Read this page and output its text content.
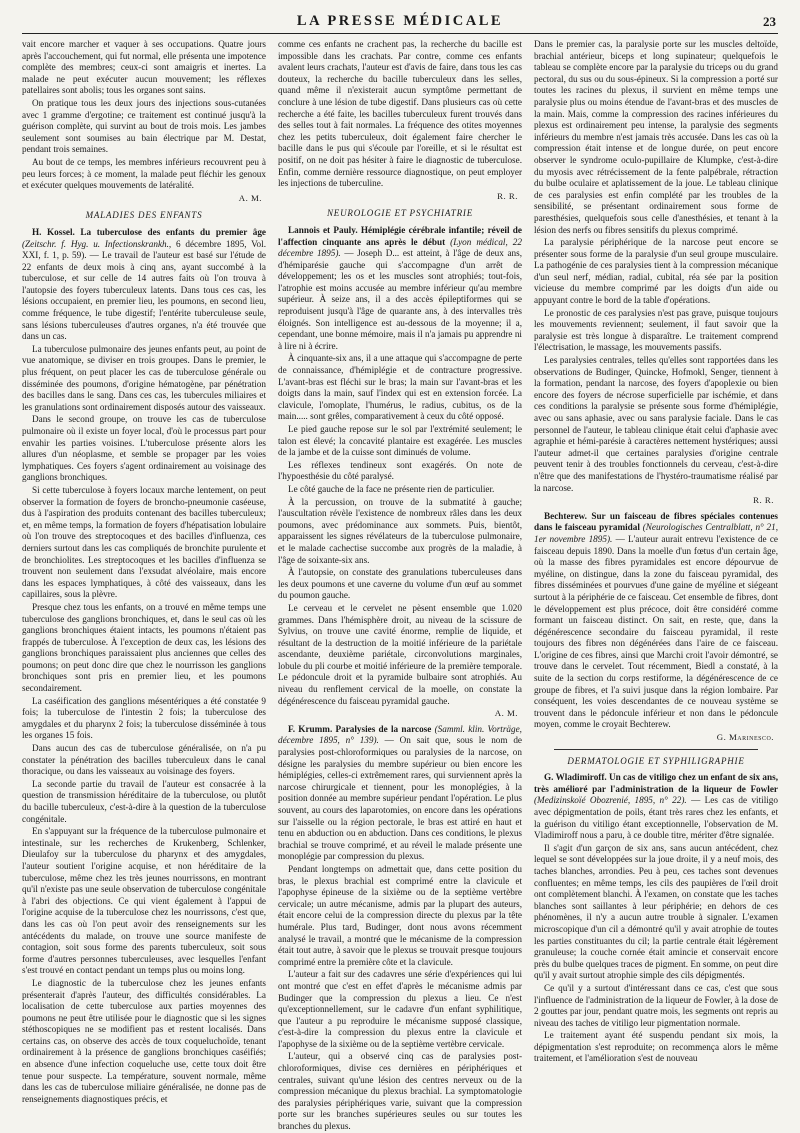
LA PRESSE MÉDICALE	23

vait encore marcher et vaquer à ses occupations. Quatre jours après l'accouchement, qui fut normal, elle présenta une impotence complète des membres; ceux-ci sont amaigris et inertes. La malade ne peut exécuter aucun mouvement; les réflexes patellaires sont abolis; tous les organes sont sains.

On pratique tous les deux jours des injections sous-cutanées avec 1 gramme d'ergotine; ce traitement est continué jusqu'à la guérison complète, qui survint au bout de trois mois. Les jambes seulement sont soumises au bain électrique par M. Destat, pendant trois semaines.

Au bout de ce temps, les membres inférieurs recouvrent peu à peu leurs forces; à ce moment, la malade peut fléchir les genoux et exécuter quelques mouvements de latéralité.

A. M.
MALADIES DES ENFANTS

H. Kossel. La tuberculose des enfants du premier âge (Zeitschr. f. Hyg. u. Infectionskrankh., 6 décembre 1895, Vol. XXI, f. 1, p. 59). — Le travail de l'auteur est basé sur l'étude de 22 enfants de deux mois à cinq ans, ayant succombé à la tuberculose, et sur celle de 14 autres faits où l'on trouva à l'autopsie des foyers tuberculeux latents. Dans tous ces cas, les lésions occupaient, en premier lieu, les poumons, en second lieu, comme fréquence, le tube digestif; l'entérite tuberculeuse seule, sans lésions tuberculeuses d'autres organes, n'a été trouvée que dans un cas.

La tuberculose pulmonaire des jeunes enfants peut, au point de vue anatomique, se diviser en trois groupes. Dans le premier, le plus fréquent, on peut placer les cas de tuberculose générale ou disséminée des poumons, d'origine hématogène, par pénétration des bacilles dans le sang. Dans ces cas, les tubercules miliaires et les granulations sont ordinairement disposés autour des vaisseaux.

Dans le second groupe, on trouve les cas de tuberculose pulmonaire où il existe un foyer local, d'où le processus part pour envahir les parties voisines. L'tuberculose présente alors les allures d'un néoplasme, et semble se propager par les voies lymphatiques. Ces foyers s'agent ordinairement au voisinage des ganglions bronchiques.

Si cette tuberculose à foyers locaux marche lentement, on peut observer la formation de foyers de broncho-pneumonie caséeuse, dus à l'aspiration des produits contenant des bacilles tuberculeux; et, en même temps, la formation de foyers d'hépatisation lobulaire où l'on trouve des streptocoques et des bacilles d'influenza, ces derniers surtout dans les cas compliqués de bronchite purulente et de bronchiolites. Les streptocoques et les bacilles d'influenza se trouvent non seulement dans l'exsudat alvéolaire, mais encore dans les espaces lymphatiques, à côté des vaisseaux, dans les capillaires, sous la plèvre.

Presque chez tous les enfants, on a trouvé en même temps une tuberculose des ganglions bronchiques, et, dans le seul cas où les ganglions bronchiques étaient intacts, les poumons n'étaient pas frappés de tuberculose. À l'exception de deux cas, les lésions des ganglions bronchiques paraissaient plus anciennes que celles des poumons; on peut donc dire que chez le nourrisson les ganglions bronchiques sont pris en premier lieu, et les poumons secondairement.

La caséification des ganglions mésentériques a été constatée 9 fois; la tuberculose de l'intestin 2 fois; la tuberculose des amygdales et du pharynx 2 fois; la tuberculose disséminée à tous les organes 15 fois.

Dans aucun des cas de tuberculose généralisée, on n'a pu constater la pénétration des bacilles tuberculeux dans le canal thoracique, ou dans les vaisseaux au voisinage des foyers.

La seconde partie du travail de l'auteur est consacrée à la question de transmission héréditaire de la tuberculose, ou plutôt du bacille tuberculeux, c'est-à-dire à la question de la tuberculose congénitale.

En s'appuyant sur la fréquence de la tuberculose pulmonaire et intestinale, sur les recherches de Krukenberg, Schlenker, Dieulafoy sur la tuberculose du pharynx et des amygdales, l'auteur soutient l'origine acquise, et non héréditaire de la tuberculose, même chez les très jeunes nourrissons, en montrant qu'il n'existe pas une seule observation de tuberculose congénitale à l'abri des objections. Ce qui vient également à l'appui de l'origine acquise de la tuberculose chez les nourrissons, c'est que, dans les cas où l'on peut avoir des renseignements sur les antécédents du malade, on trouve une source manifeste de contagion, soit sous forme des parents tuberculeux, soit sous forme d'autres personnes tuberculeuses, avec lesquelles l'enfant s'est trouvé en contact pendant un temps plus ou moins long.

Le diagnostic de la tuberculose chez les jeunes enfants présenterait d'après l'auteur, des difficultés considérables. La localisation de cette tuberculose aux parties moyennes des poumons ne peut être utilisée pour le diagnostic que si les signes stéthoscopiques ne se modifient pas et restent localisés. Dans certains cas, on observe des accès de toux coqueluchoïde, tenant ordinairement à la présence de ganglions bronchiques caséifiés; en absence d'une infection coqueluche use, cette toux doit être tenue pour suspecte. La température, souvent normale, même dans les cas de tuberculose miliaire généralisée, ne donne pas de renseignements diagnostiques précis, et

comme ces enfants ne crachent pas, la recherche du bacille est impossible dans les crachats. Par contre, comme ces enfants avalent leurs crachats, l'auteur est d'avis de faire, dans tous les cas douteux, la recherche du bacille tuberculeux dans les selles, quand même il n'existerait aucun symptôme permettant de conclure à une lésion de tube digestif. Dans plusieurs cas où cette recherche a été faite, les bacilles tuberculeux furent trouvés dans des selles tout à fait normales. La fréquence des otites moyennes chez les petits tuberculeux, doit également faire chercher le bacille dans le pus qui s'écoule par l'oreille, et si le résultat est positif, on ne doit pas hésiter à faire le diagnostic de tuberculose. Enfin, comme dernière ressource diagnostique, on peut employer les injections de tuberculine.

R. R.
NEUROLOGIE ET PSYCHIATRIE

Lannois et Pauly. Hémiplégie cérébrale infantile; réveil de l'affection cinquante ans après le début (Lyon médical, 22 décembre 1895). — Joseph D... est atteint, à l'âge de deux ans, d'hémiparésie gauche qui s'accompagne d'un arrêt de développement; les os et les muscles sont atrophiés; tout-fois, l'atrophie est moins accusée au membre inférieur qu'au membre supérieur. À seize ans, il a des accès épileptiformes qui se reproduisent jusqu'à l'âge de quarante ans, à des intervalles très éloignés. Son intelligence est au-dessous de la moyenne; il a, cependant, une bonne mémoire, mais il n'a jamais pu apprendre ni à lire ni à écrire.

À cinquante-six ans, il a une attaque qui s'accompagne de perte de connaissance, d'hémiplégie et de contracture progressive. L'avant-bras est fléchi sur le bras; la main sur l'avant-bras et les doigts dans la main, sauf l'index qui est en extension forcée. La clavicule, l'omoplate, l'humérus, le radius, cubitus, os de la main..... sont grêles, comparativement à ceux du côté opposé.

Le pied gauche repose sur le sol par l'extrémité seulement; le talon est élevé; la concavité plantaire est exagérée. Les muscles de la jambe et de la cuisse sont diminués de volume.

Les réflexes tendineux sont exagérés. On note de l'hypoesthésie du côté paralysé.

Le côté gauche de la face ne présente rien de particulier.

À la percussion, on trouve de la submatité à gauche; l'auscultation révèle l'existence de nombreux râles dans les deux poumons, avec prédominance aux sommets. Puis, bientôt, apparaissent les signes révélateurs de la tuberculose pulmonaire, et le malade cachectise succombe aux progrès de la maladie, à l'âge de soixante-six ans.

À l'autopsie, on constate des granulations tuberculeuses dans les deux poumons et une caverne du volume d'un œuf au sommet du poumon gauche.

Le cerveau et le cervelet ne pèsent ensemble que 1.020 grammes. Dans l'hémisphère droit, au niveau de la scissure de Sylvius, on trouve une cavité énorme, remplie de liquide, et résultant de la destruction de la moitié inférieure de la pariétale ascendante, deuxième pariétale, circonvolutions marginales, lobule du pli courbe et moitié inférieure de la première temporale. Le pédoncule droit et la pyramide bulbaire sont atrophiés. Au niveau du renflement cervical de la moelle, on constate la dégénérescence du faisceau pyramidal gauche.

A. M.

F. Krumm. Paralysies de la narcose (Samml. klin. Vorträge, décembre 1895, n° 139). — On sait que, sous le nom de paralysies post-chloroformiques ou paralysies de la narcose, on désigne les paralysies du membre supérieur ou bien encore les hémiplégies, celles-ci extrêmement rares, qui surviennent après la narcose chirurgicale et tiennent, pour les monoplégies, à la position donnée au membre supérieur pendant l'opération. Le plus souvent, au cours des laparotomies, on encore dans les opérations sur l'aisselle ou la région pectorale, le bras est attiré en haut et tenu en abduction ou en abduction. Dans ces conditions, le plexus brachial se trouve comprimé, et au réveil le malade présente une monoplégie par compression du plexus.

Pendant longtemps on admettait que, dans cette position du bras, le plexus brachial est comprimé entre la clavicule et l'apophyse épineuse de la sixième ou de la septième vertèbre cervicale; un autre mécanisme, admis par la plupart des auteurs, était encore celui de la compression directe du plexus par la tête humérale. Plus tard, Budinger, dont nous avons récemment analysé le travail, a montré que le mécanisme de la compression était tout autre, à savoir que le plexus se trouvait presque toujours comprimé entre la première côte et la clavicule.

L'auteur a fait sur des cadavres une série d'expériences qui lui ont montré que c'est en effet d'après le mécanisme admis par Budinger que la compression du plexus a lieu. Ce n'est qu'exceptionnellement, sur le cadavre d'un enfant syphilitique, que l'auteur a pu reproduire le mécanisme supposé classique, c'est-à-dire la compression du plexus entre la clavicule et l'apophyse de la sixième ou de la septième vertèbre cervicale.

L'auteur, qui a observé cinq cas de paralysies post-chloroformiques, divise ces dernières en périphériques et centrales, suivant qu'une lésion des centres nerveux ou de la compression mécanique du plexus brachial. La symptomatologie des paralysies périphériques varie, suivant que la compression porte sur les branches supérieures seules ou sur toutes les branches du plexus.

Dans le premier cas, la paralysie porte sur les muscles deltoïde, brachial antérieur, biceps et long supinateur; quelquefois le tableau se complète encore par la paralysie du triceps ou du grand pectoral, du sus ou du sous-épineux. Si la compression a porté sur toutes les racines du plexus, il survient en même temps une paralysie plus ou moins étendue de l'avant-bras et des muscles de la main. Mais, comme la compression des racines inférieures du plexus est ordinairement peu intense, la paralysie des segments inférieurs du membre n'est jamais très accusée. Dans les cas où la compression était intense et de longue durée, on peut encore observer le syndrome oculo-pupillaire de Klumpke, c'est-à-dire du myosis avec rétrécissement de la fente palpébrale, rétraction du bulbe oculaire et aplatissement de la joue. Le tableau clinique de ces paralysies est enfin complété par les troubles de la sensibilité, se présentant ordinairement sous forme de paresthésies, quelquefois sous celle d'anesthésies, et tenant à la lésion des nerfs ou fibres sensitifs du plexus comprimé.

La paralysie périphérique de la narcose peut encore se présenter sous forme de la paralysie d'un seul groupe musculaire. La pathogénie de ces paralysies tient à la compression mécanique d'un seul nerf, médian, radial, cubital, réa sée par la position vicieuse du membre comprimé par les doigts d'un aide ou appuyant contre le bord de la table d'opérations.

Le pronostic de ces paralysies n'est pas grave, puisque toujours les mouvements reviennent; seulement, il faut savoir que la paralysie est très longue à disparaître. Le traitement comprend l'électrisation, le massage, les mouvements passifs.

Les paralysies centrales, telles qu'elles sont rapportées dans les observations de Budinger, Quincke, Hofmokl, Senger, tiennent à la formation, pendant la narcose, des foyers d'apoplexie ou bien encore des foyers de nécrose superficielle par ischémie, et dans ces conditions la paralysie se présente sous forme d'hémiplégie, avec ou sans aphasie, avec ou sans paralysie faciale. Dans le cas personnel de l'auteur, le tableau clinique était celui d'aphasie avec agraphie et hémi-parésie à caractères nettement hystériques; aussi l'auteur admet-il que certaines paralysies d'origine centrale peuvent tenir à des troubles fonctionnels du cerveau, c'est-à-dire n'être que des manifestations de l'hystéro-traumatisme réalisé par la narcose.

R. R.

Bechterew. Sur un faisceau de fibres spéciales contenues dans le faisceau pyramidal (Neurologisches Centralblatt, n° 21, 1er novembre 1895). — L'auteur aurait entrevu l'existence de ce faisceau depuis 1890. Dans la moelle d'un fœtus d'un certain âge, où la masse des fibres pyramidales est encore dépourvue de myéline, on distingue, dans la zone du faisceau pyramidal, des fibres disséminées et pourvues d'une gaine de myéline et siégeant surtout à la périphérie de ce faisceau. Cet ensemble de fibres, dont le développement est plus précoce, doit être considéré comme formant un faisceau distinct. On sait, en reste, que, dans la dégénérescence secondaire du faisceau pyramidal, il reste toujours des fibres non dégénérées dans l'aire de ce faisceau. L'origine de ces fibres, ainsi que Marchi croit l'avoir démontré, se trouve dans le cervelet. Tout récemment, Biedl a constaté, à la suite de la section du corps restiforme, la dégénérescence de ce groupe de fibres, et l'a suivi jusque dans la région lombaire. Par conséquent, les voies descendantes de ce nouveau système se trouvent dans le pédoncule inférieur et non dans le pédoncule moyen, comme le croyait Bechterew.

G. Marinesco.
DERMATOLOGIE ET SYPHILIGRAPHIE

G. Wladimiroff. Un cas de vitiligo chez un enfant de six ans, très amélioré par l'administration de la liqueur de Fowler (Medizinskoïé Obozrenié, 1895, n° 22). — Les cas de vitiligo avec dépigmentation de poils, étant très rares chez les enfants, et la guérison du vitiligo étant exceptionnelle, l'observation de M. Vladimiroff nous a paru, à ce double titre, mériter d'être signalée.

Il s'agit d'un garçon de six ans, sans aucun antécédent, chez lequel se sont développées sur la joue droite, il y a neuf mois, des taches blanches, arrondies. Peu à peu, ces taches sont devenues confluentes; en même temps, les cils des paupières de l'œil droit ont complètement blanchi. À l'examen, on constate que les taches blanches sont saillantes à leur périphérie; en dehors de ces phénomènes, il n'y a aucun autre trouble à signaler. L'examen microscopique d'un cil a démontré qu'il y avait atrophie de toutes les parties constituantes du cil; la partie centrale était légèrement granuleuse; la couche cornée était amincie et conservait encore près du bulbe quelques traces de pigment. En somme, on peut dire qu'il y avait surtout atrophie simple des cils dépigmentés.

Ce qu'il y a surtout d'intéressant dans ce cas, c'est que sous l'influence de l'administration de la liqueur de Fowler, à la dose de 2 gouttes par jour, pendant quatre mois, les segments ont repris au niveau des taches de vitiligo leur pigmentation normale.

Le traitement ayant été suspendu pendant six mois, la dépigmentation s'est reproduite; on recommença alors le même traitement, et l'amélioration s'est de nouveau
